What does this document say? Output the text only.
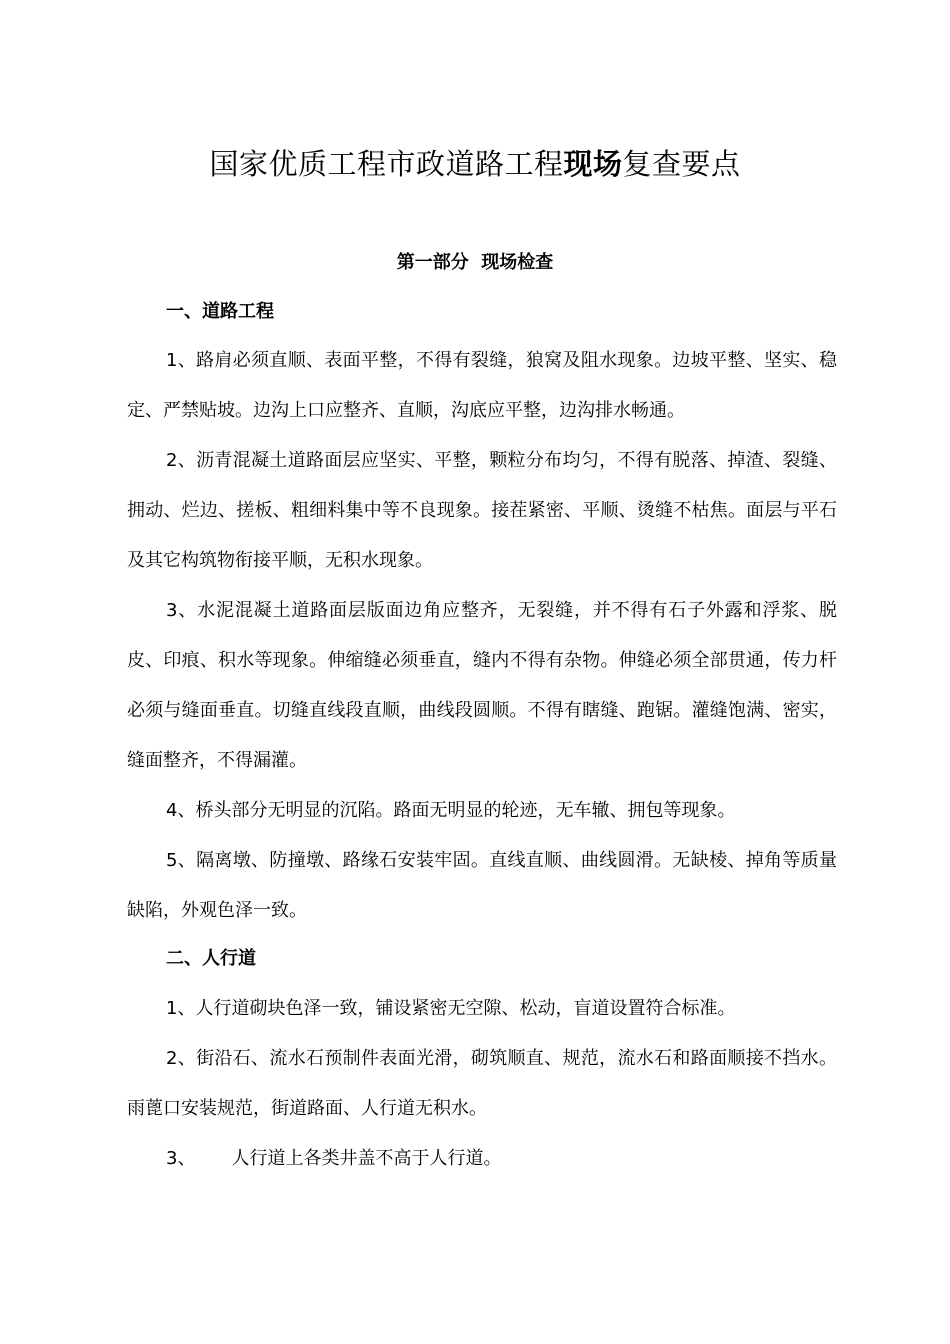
国家优质工程市政道路工程现场复查要点
第一部分  现场检查
一、道路工程
1、路肩必须直顺、表面平整，不得有裂缝，狼窝及阻水现象。边坡平整、坚实、稳定、严禁贴坡。边沟上口应整齐、直顺，沟底应平整，边沟排水畅通。
2、沥青混凝土道路面层应坚实、平整，颗粒分布均匀，不得有脱落、掉渣、裂缝、拥动、烂边、搓板、粗细料集中等不良现象。接茬紧密、平顺、烫缝不枯焦。面层与平石及其它构筑物衔接平顺，无积水现象。
3、水泥混凝土道路面层版面边角应整齐，无裂缝，并不得有石子外露和浮浆、脱皮、印痕、积水等现象。伸缩缝必须垂直，缝内不得有杂物。伸缝必须全部贯通，传力杆必须与缝面垂直。切缝直线段直顺，曲线段圆顺。不得有瞎缝、跑锯。灌缝饱满、密实，缝面整齐，不得漏灌。
4、桥头部分无明显的沉陷。路面无明显的轮迹，无车辙、拥包等现象。
5、隔离墩、防撞墩、路缘石安装牢固。直线直顺、曲线圆滑。无缺棱、掉角等质量缺陷，外观色泽一致。
二、人行道
1、人行道砌块色泽一致，铺设紧密无空隙、松动，盲道设置符合标准。
2、街沿石、流水石预制件表面光滑，砌筑顺直、规范，流水石和路面顺接不挡水。雨蓖口安装规范，街道路面、人行道无积水。
3、 人行道上各类井盖不高于人行道。
